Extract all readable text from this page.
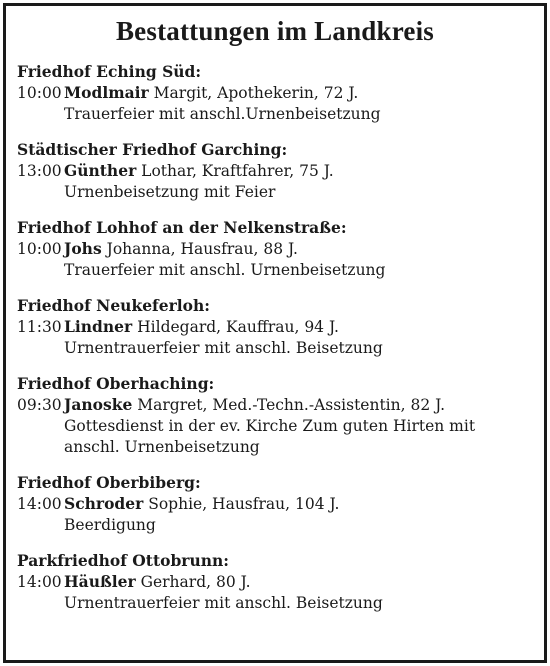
Bestattungen im Landkreis
Friedhof Eching Süd:
10:00 Modlmair Margit, Apothekerin, 72 J.
Trauerfeier mit anschl.Urnenbeisetzung
Städtischer Friedhof Garching:
13:00 Günther Lothar, Kraftfahrer, 75 J.
Urnenbeisetzung mit Feier
Friedhof Lohhof an der Nelkenstraße:
10:00 Johs Johanna, Hausfrau, 88 J.
Trauerfeier mit anschl. Urnenbeisetzung
Friedhof Neukeferloh:
11:30 Lindner Hildegard, Kauffrau, 94 J.
Urnentrauerfeier mit anschl. Beisetzung
Friedhof Oberhaching:
09:30 Janoske Margret, Med.-Techn.-Assistentin, 82 J.
Gottesdienst in der ev. Kirche Zum guten Hirten mit
anschl. Urnenbeisetzung
Friedhof Oberbiberg:
14:00 Schroder Sophie, Hausfrau, 104 J.
Beerdigung
Parkfriedhof Ottobrunn:
14:00 Häußler Gerhard, 80 J.
Urnentrauerfeier mit anschl. Beisetzung
